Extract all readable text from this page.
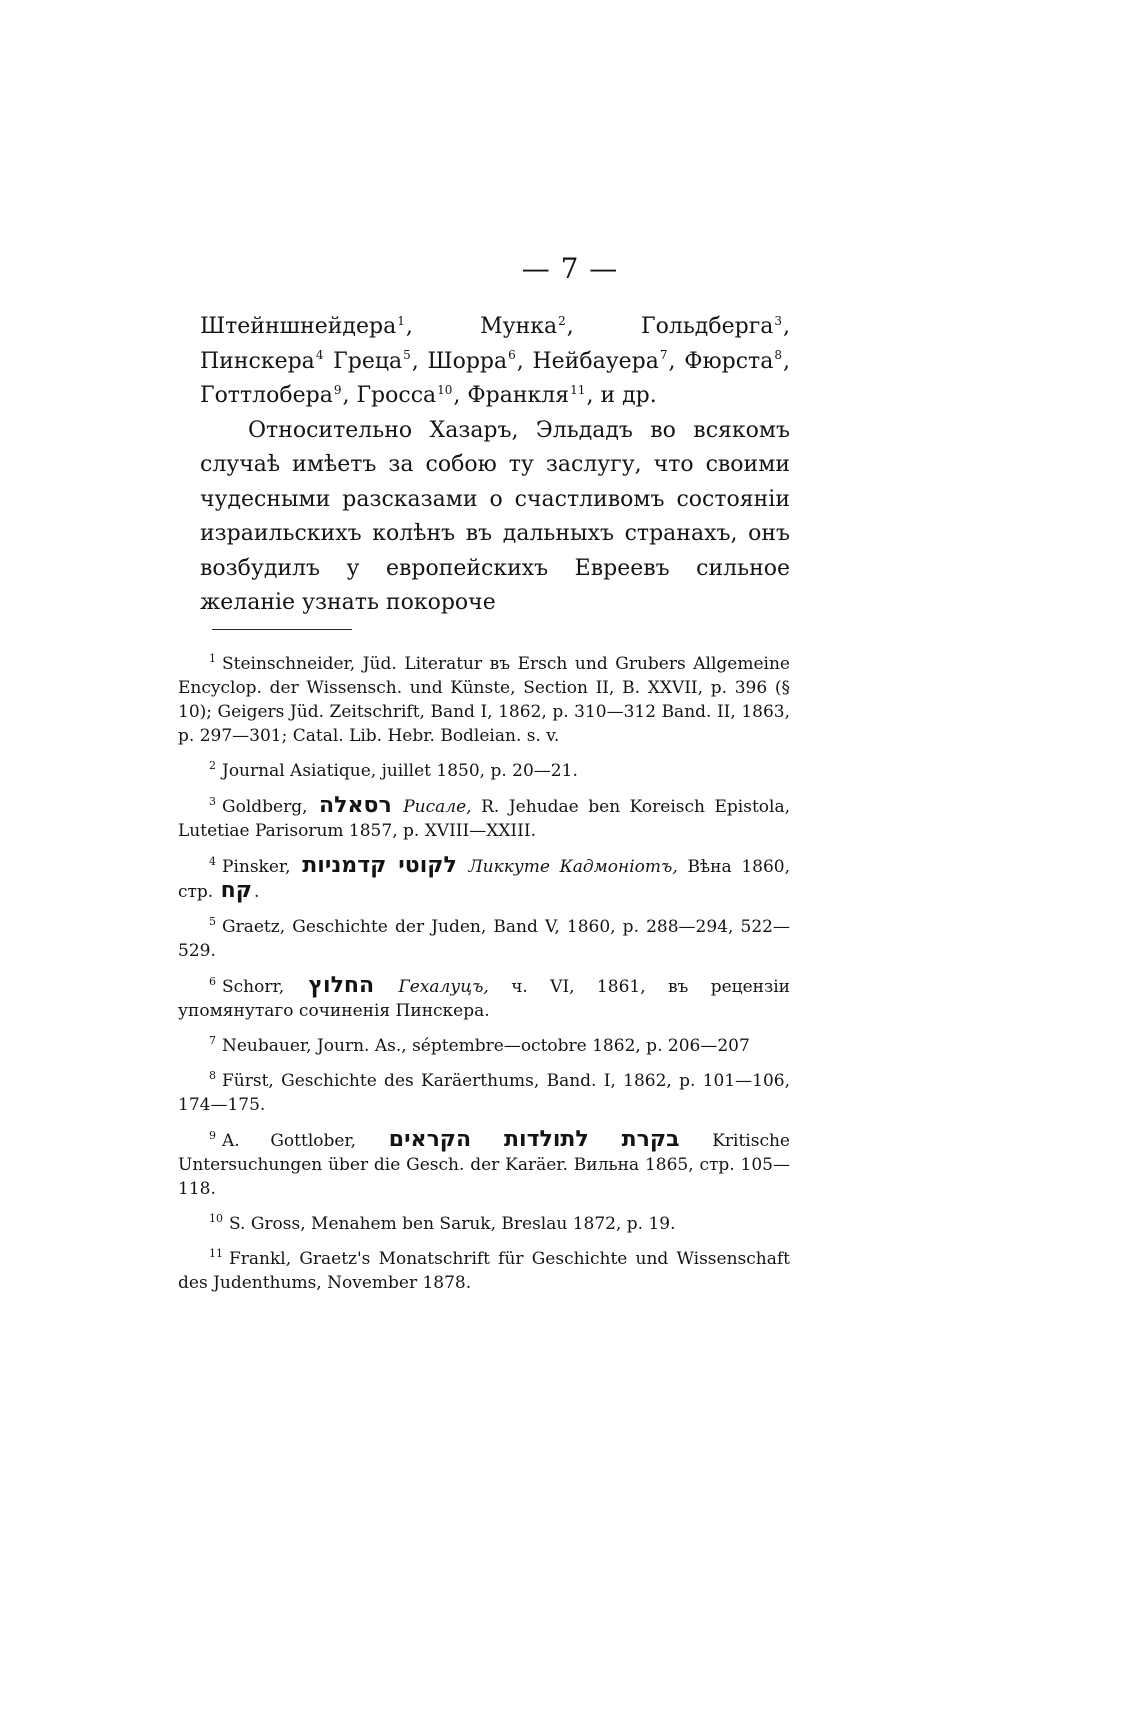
— 7 —

Штейншнейдера$^1$, Мунка$^2$, Гольдберга$^3$, Пинскера$^4$ Греца$^5$, Шорра$^6$, Нейбауера$^7$, Фюрста$^8$, Готтлобера$^9$, Гросса$^{10}$, Франкля$^{11}$, и др.

Относительно Хазаръ, Эльдадъ во всякомъ случаѣ имѣетъ за собою ту заслугу, что своими чудесными разсказами о счастливомъ состояніи израильскихъ колѣнъ въ дальныхъ странахъ, онъ возбудилъ у европейскихъ Евреевъ сильное желаніе узнать покороче

$^1$ Steinschneider, Jüd. Literatur въ Ersch und Grubers Allgemeine Encyclop. der Wissensch. und Künste, Section II, B. XXVII, p. 396 (§ 10); Geigers Jüd. Zeitschrift, Band I, 1862, p. 310—312 Band. II, 1863, p. 297—301; Catal. Lib. Hebr. Bodleian. s. v.

$^2$ Journal Asiatique, juillet 1850, p. 20—21.

$^3$ Goldberg, רסאלה Рисале, R. Jehudae ben Koreisch Epistola, Lutetiae Parisorum 1857, p. XVIII—XXIII.

$^4$ Pinsker, לקוטי קדמניות Ликкуте Кадмоніотъ, Вѣна 1860, стр. קח .

$^5$ Graetz, Geschichte der Juden, Band V, 1860, p. 288—294, 522—529.

$^6$ Schorr, החלוץ Гехалуцъ, ч. VI, 1861, въ рецензіи упомянутаго сочиненія Пинскера.

$^7$ Neubauer, Journ. As., séptembre—octobre 1862, p. 206—207

$^8$ Fürst, Geschichte des Karäerthums, Band. I, 1862, p. 101—106, 174—175.

$^9$ A. Gottlober, בקרת לתולדות הקראים Kritische Untersuchungen über die Gesch. der Karäer. Вильна 1865, стр. 105—118.

$^{10}$ S. Gross, Menahem ben Saruk, Breslau 1872, p. 19.

$^{11}$ Frankl, Graetz's Monatschrift für Geschichte und Wissenschaft des Judenthums, November 1878.
